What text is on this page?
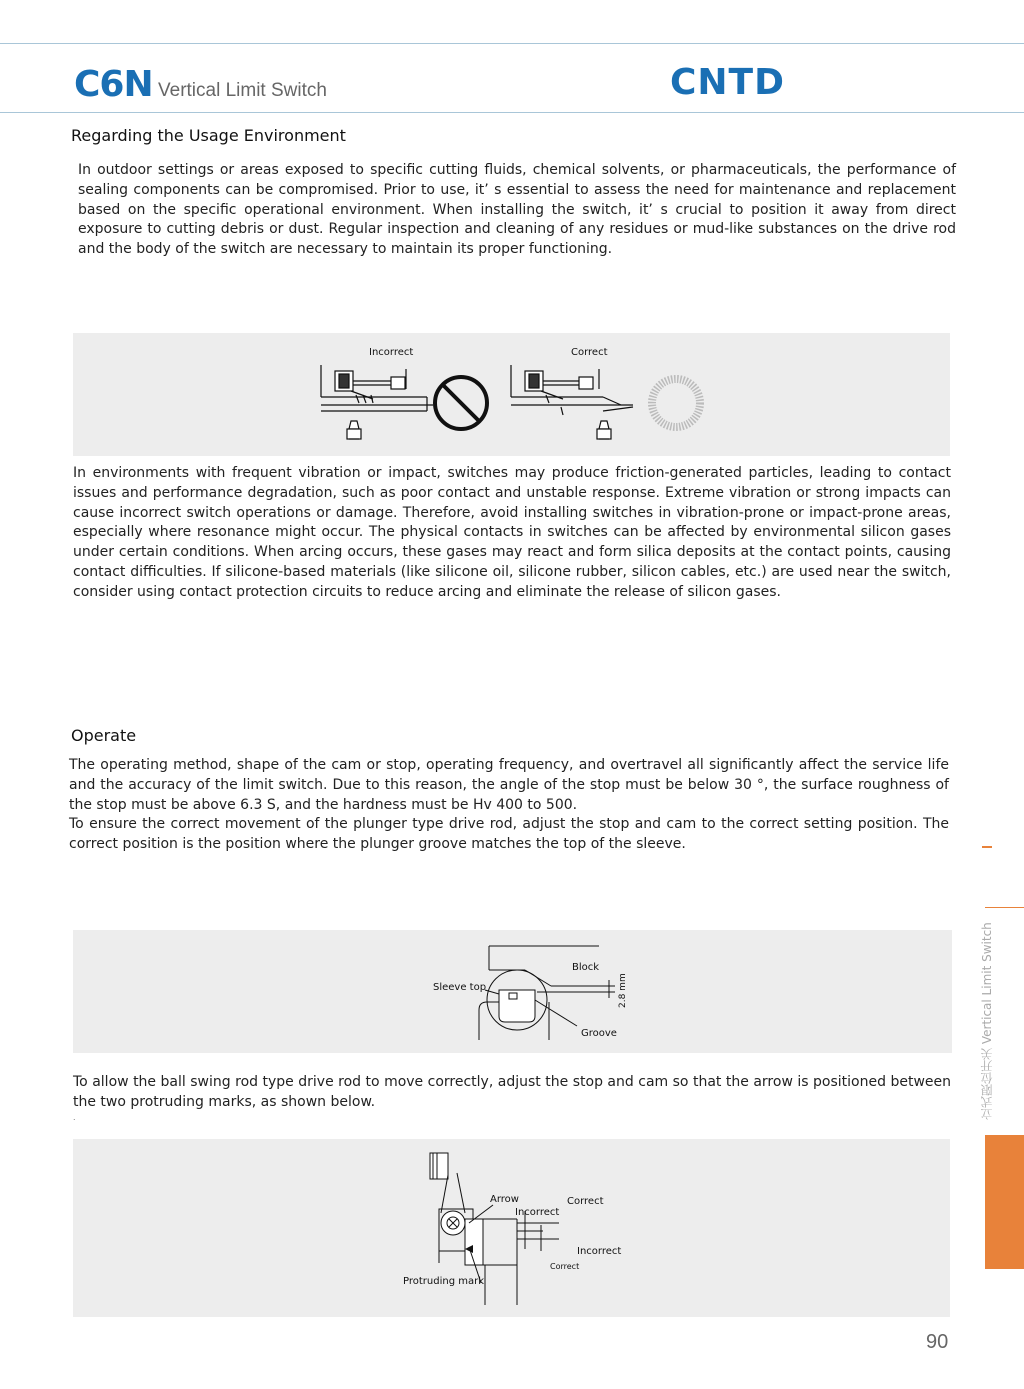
C6N Vertical Limit Switch	CNTD
Regarding the Usage Environment
In outdoor settings or areas exposed to specific cutting fluids, chemical solvents, or pharmaceuticals, the performance of sealing components can be compromised. Prior to use, it’ s essential to assess the need for maintenance and replacement based on the specific operational environment. When installing the switch, it’ s crucial to position it away from direct exposure to cutting debris or dust. Regular inspection and cleaning of any residues or mud-like substances on the drive rod and the body of the switch are necessary to maintain its proper functioning.
Incorrect	Correct
In environments with frequent vibration or impact, switches may produce friction-generated particles, leading to contact issues and performance degradation, such as poor contact and unstable response. Extreme vibration or strong impacts can cause incorrect switch operations or damage. Therefore, avoid installing switches in vibration-prone or impact-prone areas, especially where resonance might occur. The physical contacts in switches can be affected by environmental silicon gases under certain conditions. When arcing occurs, these gases may react and form silica deposits at the contact points, causing contact difficulties. If silicone-based materials (like silicone oil, silicone rubber, silicon cables, etc.) are used near the switch, consider using contact protection circuits to reduce arcing and eliminate the release of silicon gases.
Operate
The operating method, shape of the cam or stop, operating frequency, and overtravel all significantly affect the service life and the accuracy of the limit switch. Due to this reason, the angle of the stop must be below 30 °, the surface roughness of the stop must be above 6.3 S, and the hardness must be Hv 400 to 500.
To ensure the correct movement of the plunger type drive rod, adjust the stop and cam to the correct setting position. The correct position is the position where the plunger groove matches the top of the sleeve.
Block
Sleeve top	2.8 mm
Groove
To allow the ball swing rod type drive rod to move correctly, adjust the stop and cam so that the arrow is positioned between the two protruding marks, as shown below.
.
Arrow
Incorrect
Correct
Incorrect
Correct
Protruding mark
立式限位开关 Vertical Limit Switch
90
